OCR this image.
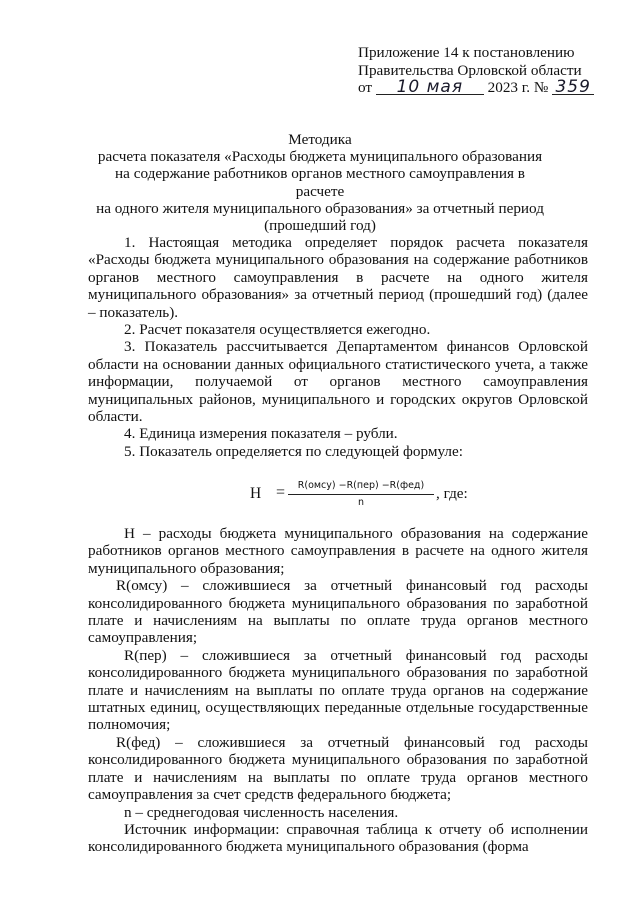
Приложение 14 к постановлению
Правительства Орловской области
от 10 мая 2023 г. № 359
Методика
расчета показателя «Расходы бюджета муниципального образования
на содержание работников органов местного самоуправления в расчете
на одного жителя муниципального образования» за отчетный период
(прошедший год)

1. Настоящая методика определяет порядок расчета показателя «Расходы бюджета муниципального образования на содержание работников органов местного самоуправления в расчете на одного жителя муниципального образования» за отчетный период (прошедший год) (далее – показатель).

2. Расчет показателя осуществляется ежегодно.

3. Показатель рассчитывается Департаментом финансов Орловской области на основании данных официального статистического учета, а также информации, получаемой от органов местного самоуправления муниципальных районов, муниципального и городских округов Орловской области.

4. Единица измерения показателя – рубли.

5. Показатель определяется по следующей формуле:

Н =	R(омсу) −R(пер) −R(фед)
n
, где:

Н – расходы бюджета муниципального образования на содержание работников органов местного самоуправления в расчете на одного жителя муниципального образования;

R(омсу) – сложившиеся за отчетный финансовый год расходы консолидированного бюджета муниципального образования по заработной плате и начислениям на выплаты по оплате труда органов местного самоуправления;

R(пер) – сложившиеся за отчетный финансовый год расходы консолидированного бюджета муниципального образования по заработной плате и начислениям на выплаты по оплате труда органов на содержание штатных единиц, осуществляющих переданные отдельные государственные полномочия;

R(фед) – сложившиеся за отчетный финансовый год расходы консолидированного бюджета муниципального образования по заработной плате и начислениям на выплаты по оплате труда органов местного самоуправления за счет средств федерального бюджета;

n – среднегодовая численность населения.

Источник информации: справочная таблица к отчету об исполнении консолидированного бюджета муниципального образования (форма
